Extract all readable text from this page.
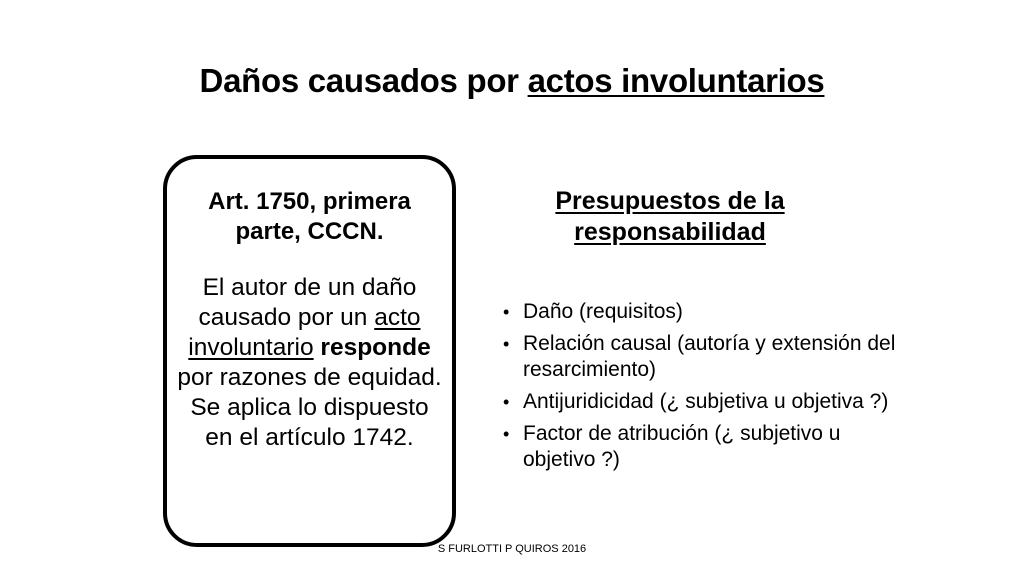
Daños causados por actos involuntarios

Art. 1750, primera parte, CCCN.

El autor de un daño causado por un acto involuntario responde por razones de equidad. Se aplica lo dispuesto en el artículo 1742.

Presupuestos de la responsabilidad

• Daño (requisitos)
• Relación causal (autoría y extensión del resarcimiento)
• Antijuridicidad (¿ subjetiva u objetiva ?)
• Factor de atribución (¿ subjetivo u objetivo ?)
S FURLOTTI P QUIROS 2016
